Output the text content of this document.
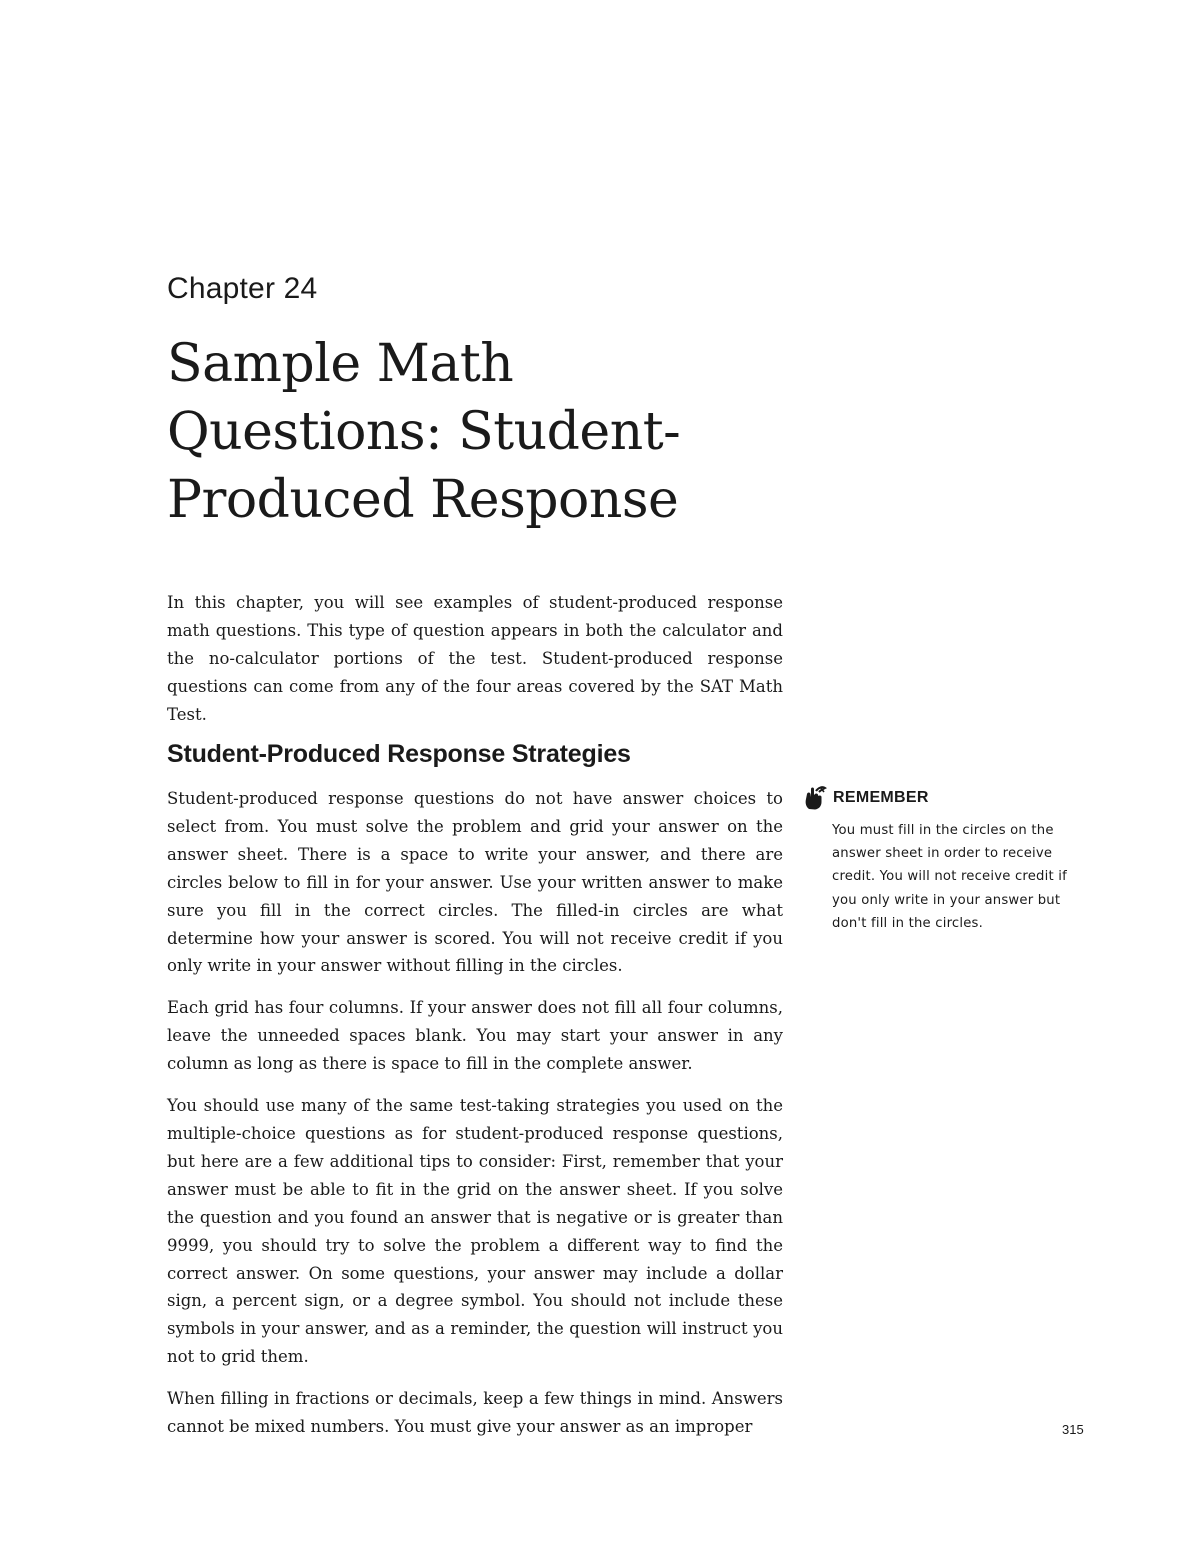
Chapter 24
Sample Math
Questions: Student-
Produced Response

In this chapter, you will see examples of student-produced response math questions. This type of question appears in both the calculator and the no-calculator portions of the test. Student-produced response questions can come from any of the four areas covered by the SAT Math Test.

Student-Produced Response Strategies

Student-produced response questions do not have answer choices to select from. You must solve the problem and grid your answer on the answer sheet. There is a space to write your answer, and there are circles below to fill in for your answer. Use your written answer to make sure you fill in the correct circles. The filled-in circles are what determine how your answer is scored. You will not receive credit if you only write in your answer without filling in the circles.

Each grid has four columns. If your answer does not fill all four columns, leave the unneeded spaces blank. You may start your answer in any column as long as there is space to fill in the complete answer.

You should use many of the same test-taking strategies you used on the multiple-choice questions as for student-produced response questions, but here are a few additional tips to consider: First, remember that your answer must be able to fit in the grid on the answer sheet. If you solve the question and you found an answer that is negative or is greater than 9999, you should try to solve the problem a different way to find the correct answer. On some questions, your answer may include a dollar sign, a percent sign, or a degree symbol. You should not include these symbols in your answer, and as a reminder, the question will instruct you not to grid them.

When filling in fractions or decimals, keep a few things in mind. Answers cannot be mixed numbers. You must give your answer as an improper

REMEMBER

You must fill in the circles on the answer sheet in order to receive credit. You will not receive credit if you only write in your answer but don't fill in the circles.

315
